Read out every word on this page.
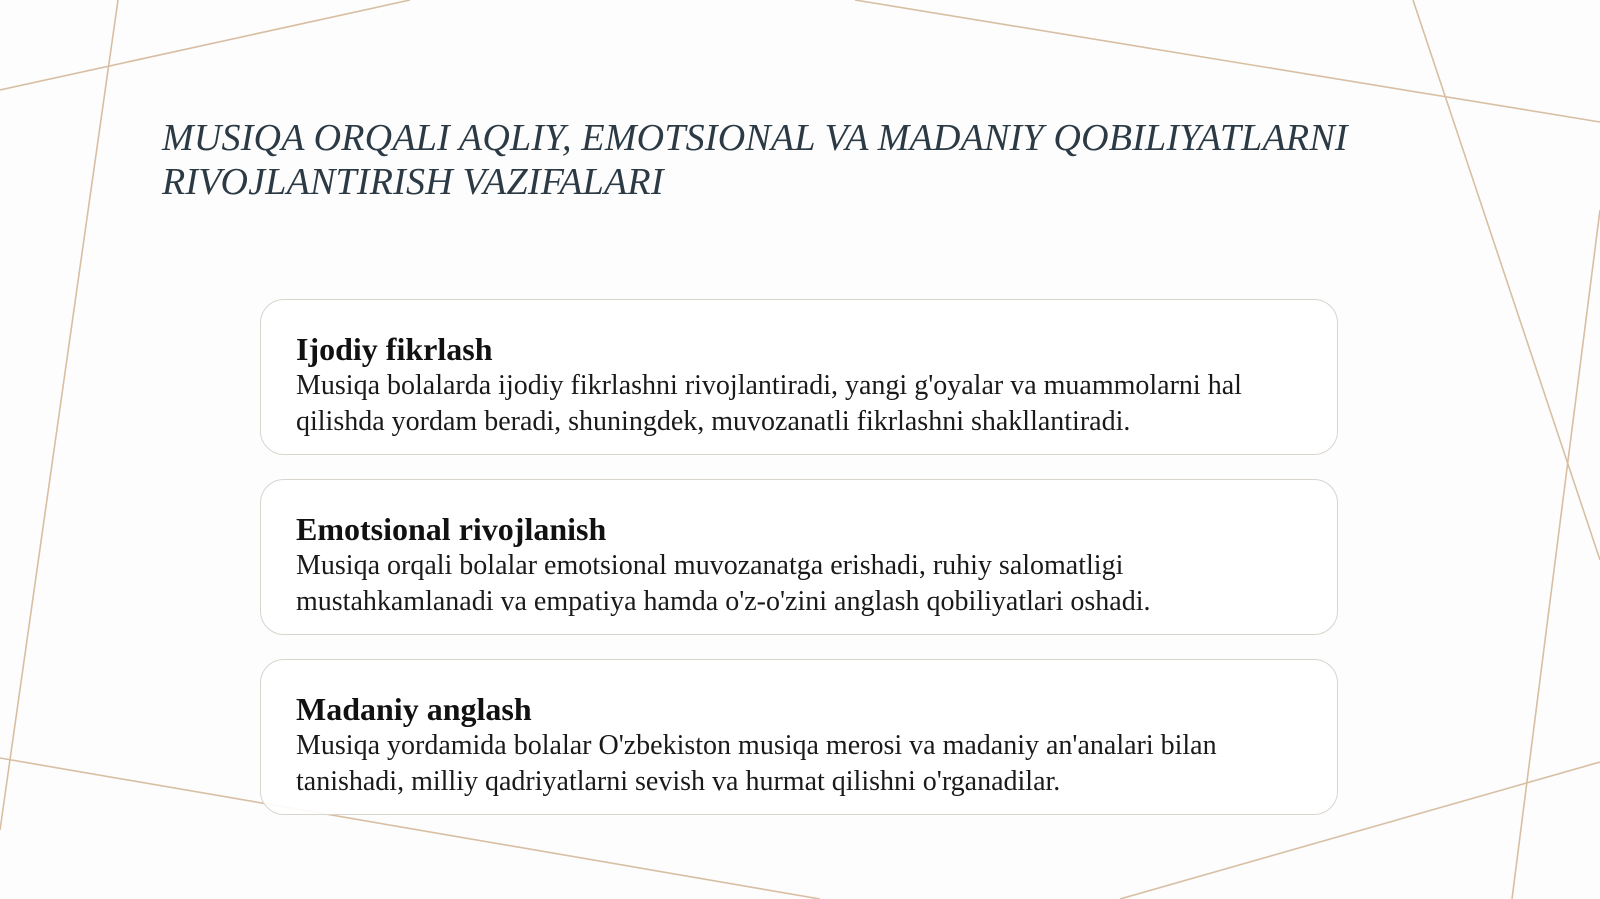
MUSIQA ORQALI AQLIY, EMOTSIONAL VA MADANIY QOBILIYATLARNI
RIVOJLANTIRISH VAZIFALARI

Ijodiy fikrlash

Musiqa bolalarda ijodiy fikrlashni rivojlantiradi, yangi g'oyalar va muammolarni hal qilishda yordam beradi, shuningdek, muvozanatli fikrlashni shakllantiradi.

Emotsional rivojlanish

Musiqa orqali bolalar emotsional muvozanatga erishadi, ruhiy salomatligi mustahkamlanadi va empatiya hamda o'z-o'zini anglash qobiliyatlari oshadi.

Madaniy anglash

Musiqa yordamida bolalar O'zbekiston musiqa merosi va madaniy an'analari bilan tanishadi, milliy qadriyatlarni sevish va hurmat qilishni o'rganadilar.
